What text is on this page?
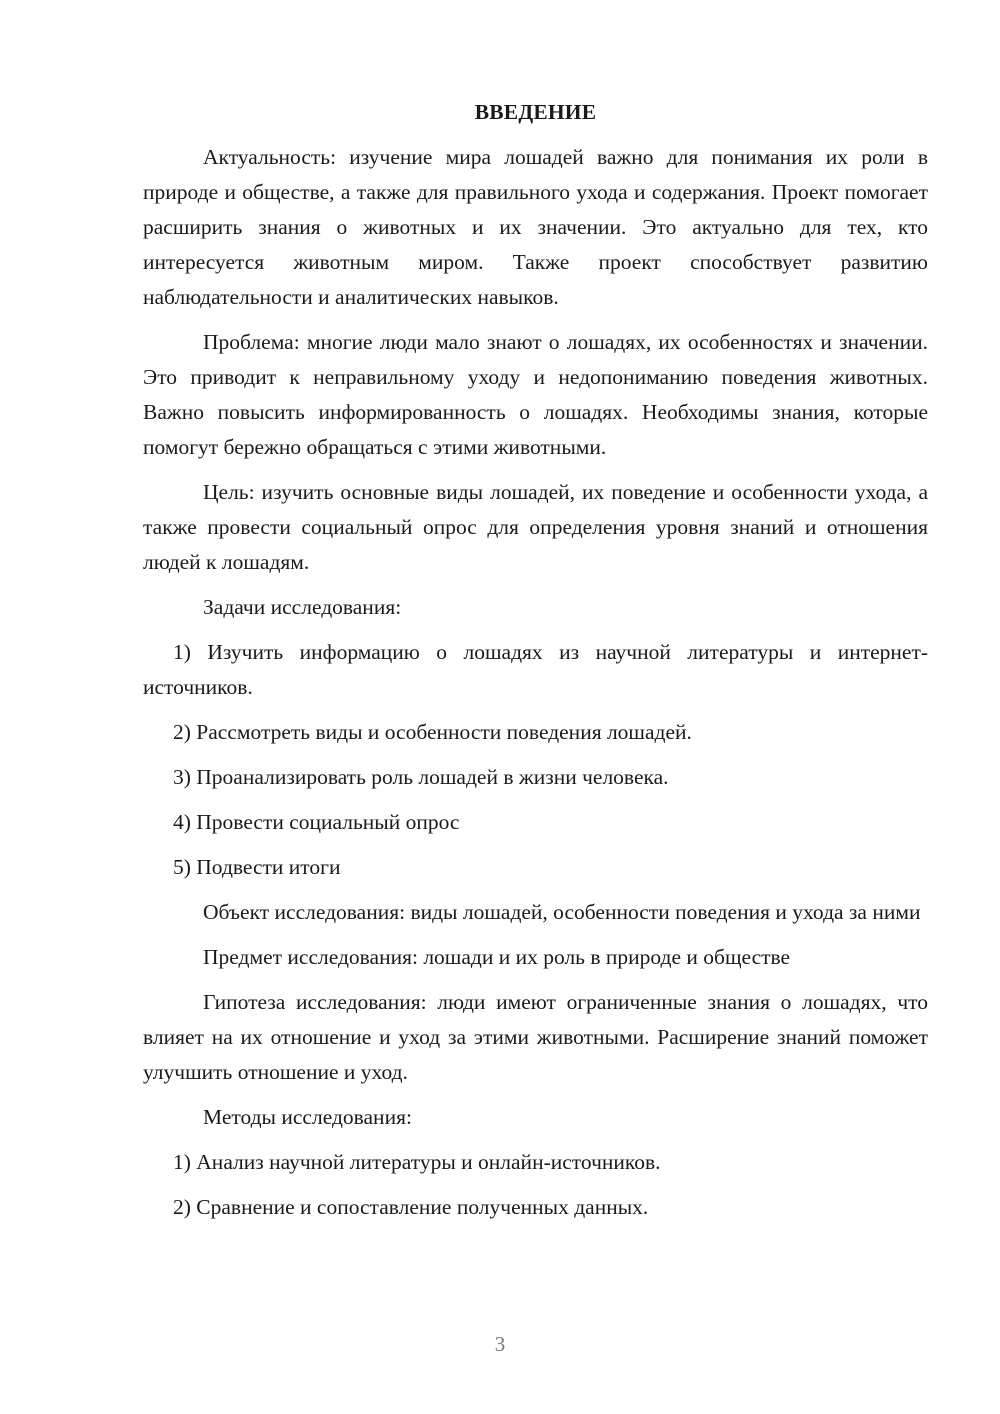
ВВЕДЕНИЕ

Актуальность: изучение мира лошадей важно для понимания их роли в природе и обществе, а также для правильного ухода и содержания. Проект помогает расширить знания о животных и их значении. Это актуально для тех, кто интересуется животным миром. Также проект способствует развитию наблюдательности и аналитических навыков.

Проблема: многие люди мало знают о лошадях, их особенностях и значении. Это приводит к неправильному уходу и недопониманию поведения животных. Важно повысить информированность о лошадях. Необходимы знания, которые помогут бережно обращаться с этими животными.

Цель: изучить основные виды лошадей, их поведение и особенности ухода, а также провести социальный опрос для определения уровня знаний и отношения людей к лошадям.

Задачи исследования:

1) Изучить информацию о лошадях из научной литературы и интернет-источников.

2) Рассмотреть виды и особенности поведения лошадей.

3) Проанализировать роль лошадей в жизни человека.

4) Провести социальный опрос

5) Подвести итоги

Объект исследования: виды лошадей, особенности поведения и ухода за ними

Предмет исследования: лошади и их роль в природе и обществе

Гипотеза исследования: люди имеют ограниченные знания о лошадях, что влияет на их отношение и уход за этими животными. Расширение знаний поможет улучшить отношение и уход.

Методы исследования:

1) Анализ научной литературы и онлайн-источников.

2) Сравнение и сопоставление полученных данных.

3
